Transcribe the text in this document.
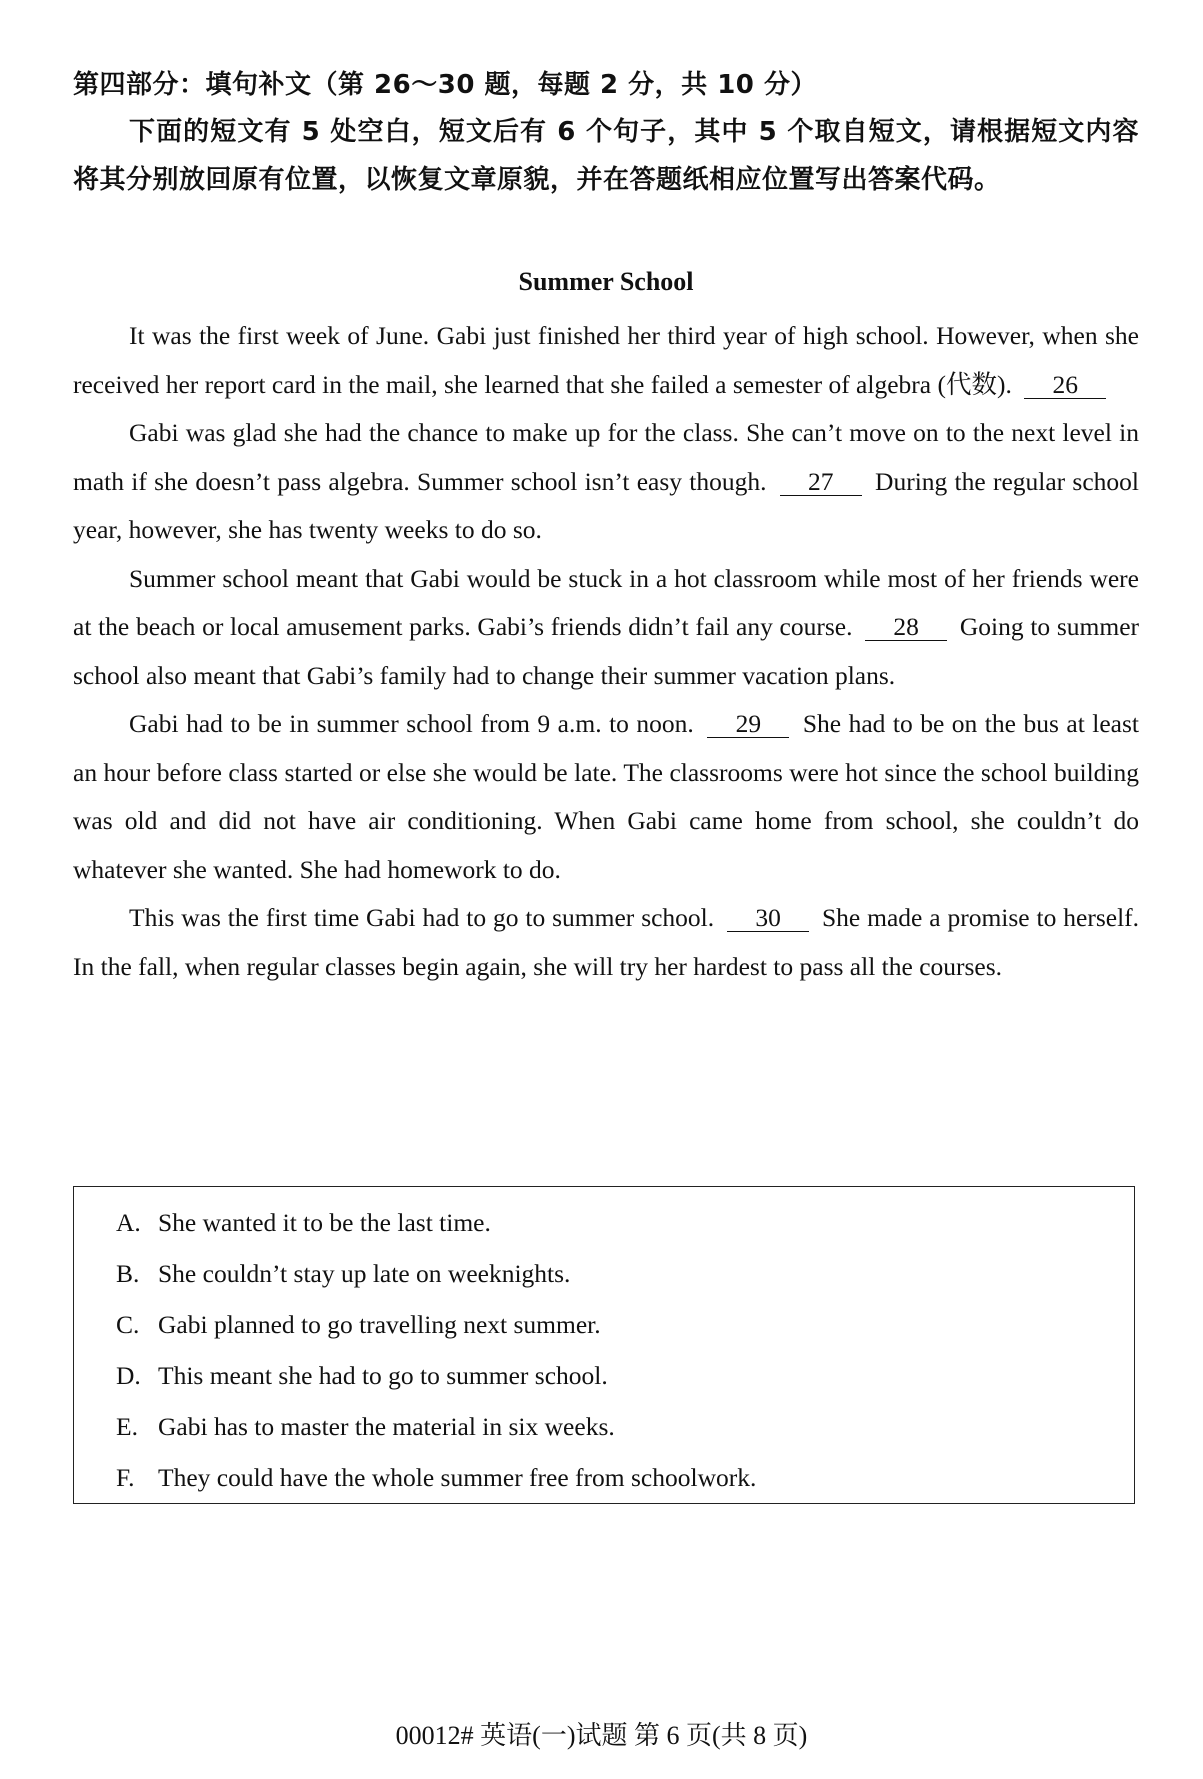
第四部分：填句补文（第 26～30 题，每题 2 分，共 10 分）

下面的短文有 5 处空白，短文后有 6 个句子，其中 5 个取自短文，请根据短文内容将其分别放回原有位置，以恢复文章原貌，并在答题纸相应位置写出答案代码。

Summer School

It was the first week of June. Gabi just finished her third year of high school. However, when she received her report card in the mail, she learned that she failed a semester of algebra (代数). 26

Gabi was glad she had the chance to make up for the class. She can’t move on to the next level in math if she doesn’t pass algebra. Summer school isn’t easy though. 27 During the regular school year, however, she has twenty weeks to do so.

Summer school meant that Gabi would be stuck in a hot classroom while most of her friends were at the beach or local amusement parks. Gabi’s friends didn’t fail any course. 28 Going to summer school also meant that Gabi’s family had to change their summer vacation plans.

Gabi had to be in summer school from 9 a.m. to noon. 29 She had to be on the bus at least an hour before class started or else she would be late. The classrooms were hot since the school building was old and did not have air conditioning. When Gabi came home from school, she couldn’t do whatever she wanted. She had homework to do.

This was the first time Gabi had to go to summer school. 30 She made a promise to herself. In the fall, when regular classes begin again, she will try her hardest to pass all the courses.

A. She wanted it to be the last time.
B. She couldn’t stay up late on weeknights.
C. Gabi planned to go travelling next summer.
D. This meant she had to go to summer school.
E. Gabi has to master the material in six weeks.
F. They could have the whole summer free from schoolwork.
00012# 英语(一)试题 第 6 页(共 8 页)
